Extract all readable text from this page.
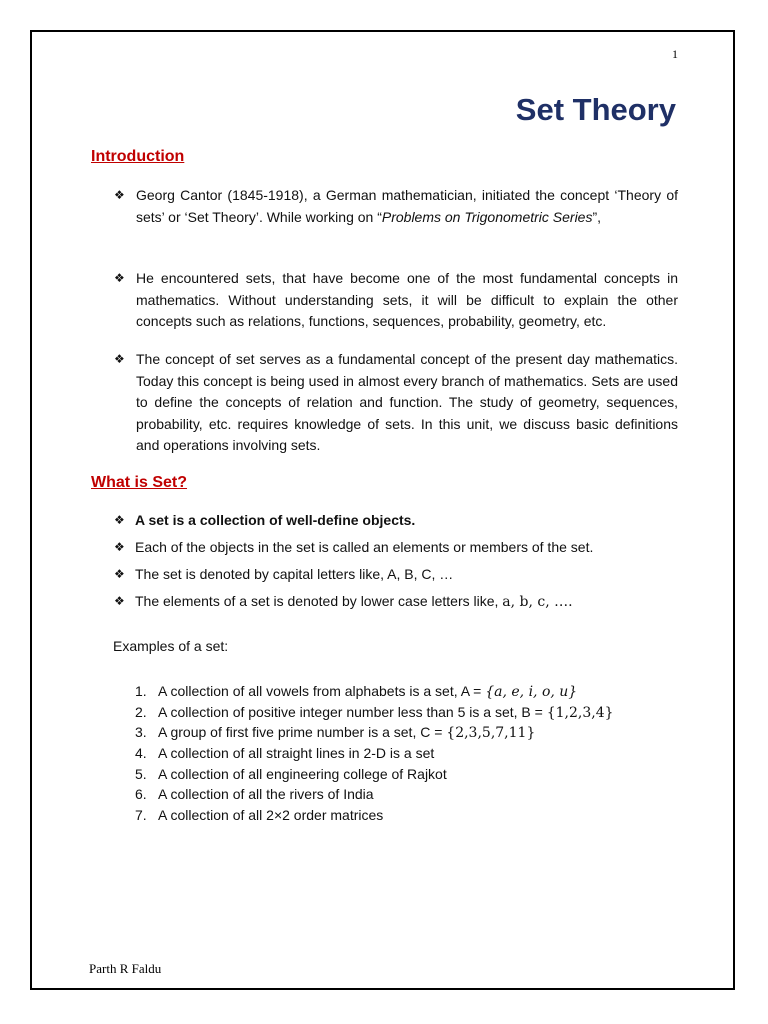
1
Set Theory
Introduction
❖ Georg Cantor (1845-1918), a German mathematician, initiated the concept ‘Theory of sets’ or ‘Set Theory’. While working on “Problems on Trigonometric Series”,

❖ He encountered sets, that have become one of the most fundamental concepts in mathematics. Without understanding sets, it will be difficult to explain the other concepts such as relations, functions, sequences, probability, geometry, etc.

❖ The concept of set serves as a fundamental concept of the present day mathematics. Today this concept is being used in almost every branch of mathematics. Sets are used to define the concepts of relation and function. The study of geometry, sequences, probability, etc. requires knowledge of sets. In this unit, we discuss basic definitions and operations involving sets.

What is Set?
❖ A set is a collection of well-define objects.
❖ Each of the objects in the set is called an elements or members of the set.
❖ The set is denoted by capital letters like, A, B, C, …
❖ The elements of a set is denoted by lower case letters like, a, b, c, ….
Examples of a set:
1. A collection of all vowels from alphabets is a set, A = {a, e, i, o, u}
2. A collection of positive integer number less than 5 is a set, B = {1,2,3,4}
3. A group of first five prime number is a set, C = {2,3,5,7,11}
4. A collection of all straight lines in 2-D is a set
5. A collection of all engineering college of Rajkot
6. A collection of all the rivers of India
7. A collection of all 2×2 order matrices
Parth R Faldu
